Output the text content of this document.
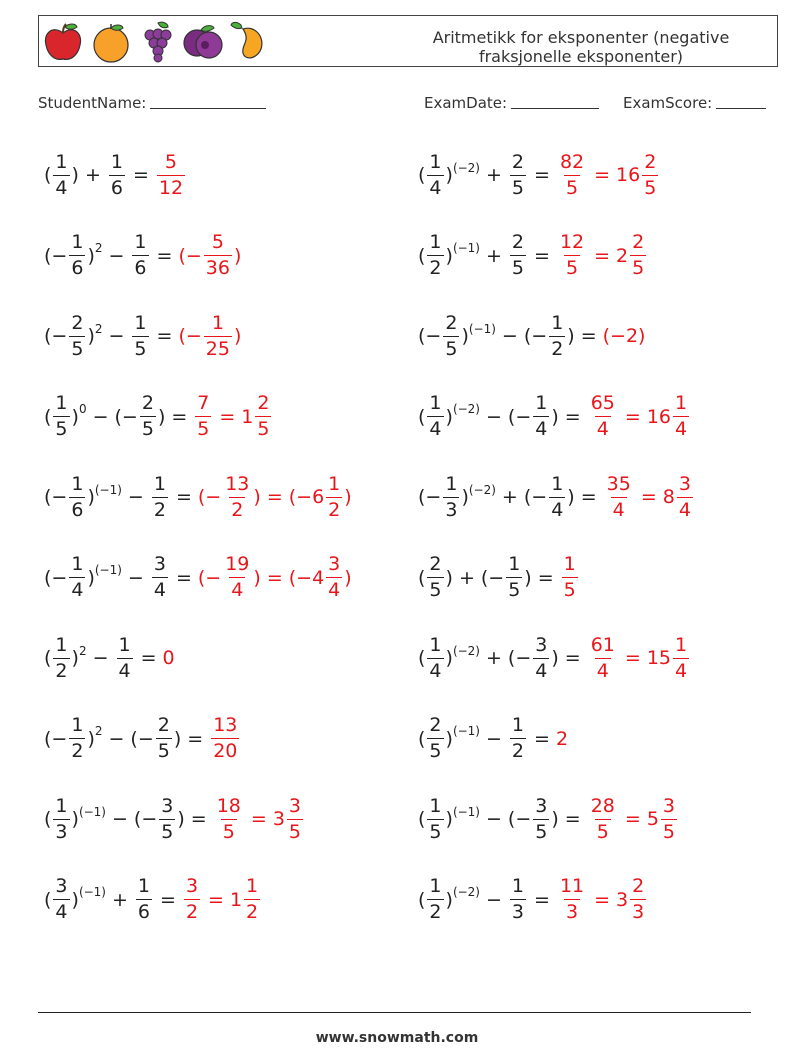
Aritmetikk for eksponenter (negative fraksjonelle eksponenter)
StudentName:	ExamDate:	ExamScore:
( $\frac{1}{4}$ ) + $\frac{1}{6} = \frac{5}{12}$
(− $\frac{1}{6}$ ) $2 - \frac{1}{6}$ = (− $\frac{5}{36}$ )
(− $\frac{2}{5}$ ) $2 - \frac{1}{5}$ = (− $\frac{1}{25}$ )
( $\frac{1}{5}$ ) 0 − (− $\frac{2}{5}$ ) = $\frac{7}{5} = 1 \frac{2}{5}$
(− $\frac{1}{6}$ ) $(-1) - \frac{1}{2}$ = (− $\frac{13}{2}$ ) = (− $6 \frac{1}{2}$ )
(− $\frac{1}{4}$ ) $(-1) - \frac{3}{4}$ = (− $\frac{19}{4}$ ) = (− $4 \frac{3}{4}$ )
( $\frac{1}{2}$ ) $2 - \frac{1}{4} = 0$
(− $\frac{1}{2}$ ) 2 − (− $\frac{2}{5}$ ) = $\frac{13}{20}$
( $\frac{1}{3}$ ) (−1) − (− $\frac{3}{5}$ ) = $\frac{18}{5} = 3 \frac{3}{5}$
( $\frac{3}{4}$ ) $(-1) + \frac{1}{6} = \frac{3}{2} = 1 \frac{1}{2}$
( $\frac{1}{4}$ ) $(-2) + \frac{2}{5} = \frac{82}{5} = 16 \frac{2}{5}$
( $\frac{1}{2}$ ) $(-1) + \frac{2}{5} = \frac{12}{5} = 2 \frac{2}{5}$
(− $\frac{2}{5}$ ) (−1) − (− $\frac{1}{2}$ ) = (−2)
( $\frac{1}{4}$ ) (−2) − (− $\frac{1}{4}$ ) = $\frac{65}{4} = 16 \frac{1}{4}$
(− $\frac{1}{3}$ ) (−2) + (− $\frac{1}{4}$ ) = $\frac{35}{4} = 8 \frac{3}{4}$
( $\frac{2}{5}$ ) + (− $\frac{1}{5}$ ) = $\frac{1}{5}$
( $\frac{1}{4}$ ) (−2) + (− $\frac{3}{4}$ ) = $\frac{61}{4} = 15 \frac{1}{4}$
( $\frac{2}{5}$ ) $(-1) - \frac{1}{2} = 2$
( $\frac{1}{5}$ ) (−1) − (− $\frac{3}{5}$ ) = $\frac{28}{5} = 5 \frac{3}{5}$
( $\frac{1}{2}$ ) $(-2) - \frac{1}{3} = \frac{11}{3} = 3 \frac{2}{3}$
www.snowmath.com
